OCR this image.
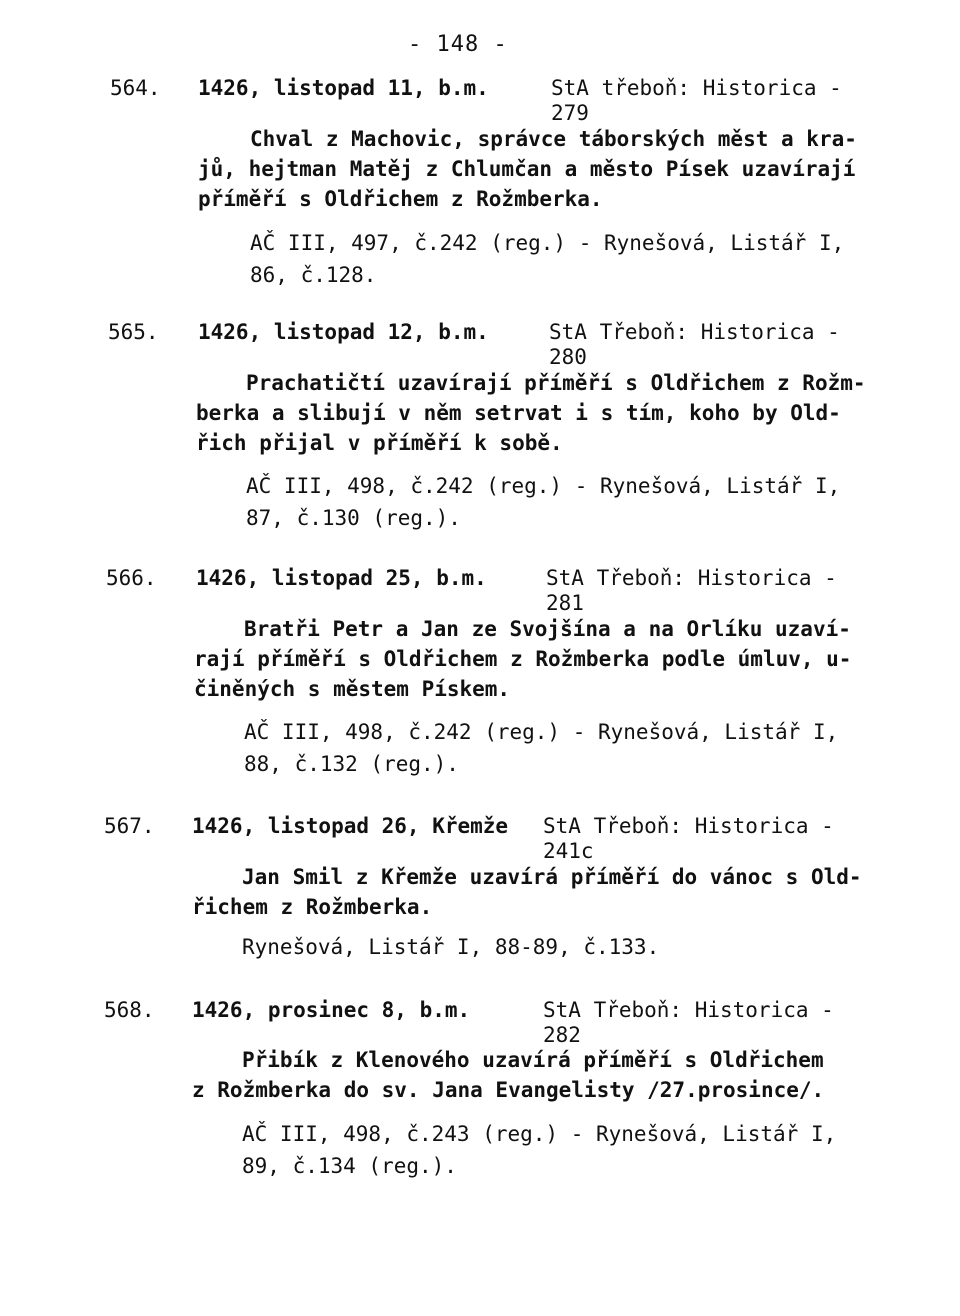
- 148 -
564. 1426, listopad 11, b.m.	StA třeboň: Historica -
279
Chval z Machovic, správce táborských měst a kra-
jů, hejtman Matěj z Chlumčan a město Písek uzavírají
příměří s Oldřichem z Rožmberka.
AČ III, 497, č.242 (reg.) - Rynešová, Listář I,
86, č.128.
565. 1426, listopad 12, b.m.	StA Třeboň: Historica -
280
Prachatičtí uzavírají příměří s Oldřichem z Rožm-
berka a slibují v něm setrvat i s tím, koho by Old-
řich přijal v příměří k sobě.
AČ III, 498, č.242 (reg.) - Rynešová, Listář I,
87, č.130 (reg.).
566. 1426, listopad 25, b.m.	StA Třeboň: Historica -
281
Bratři Petr a Jan ze Svojšína a na Orlíku uzaví-
rají příměří s Oldřichem z Rožmberka podle úmluv, u-
činěných s městem Pískem.
AČ III, 498, č.242 (reg.) - Rynešová, Listář I,
88, č.132 (reg.).
567. 1426, listopad 26, Křemže StA Třeboň: Historica -
241c
Jan Smil z Křemže uzavírá příměří do vánoc s Old-
řichem z Rožmberka.
Rynešová, Listář I, 88-89, č.133.
568. 1426, prosinec 8, b.m.	StA Třeboň: Historica -
282
Přibík z Klenového uzavírá příměří s Oldřichem
z Rožmberka do sv. Jana Evangelisty /27.prosince/.
AČ III, 498, č.243 (reg.) - Rynešová, Listář I,
89, č.134 (reg.).
